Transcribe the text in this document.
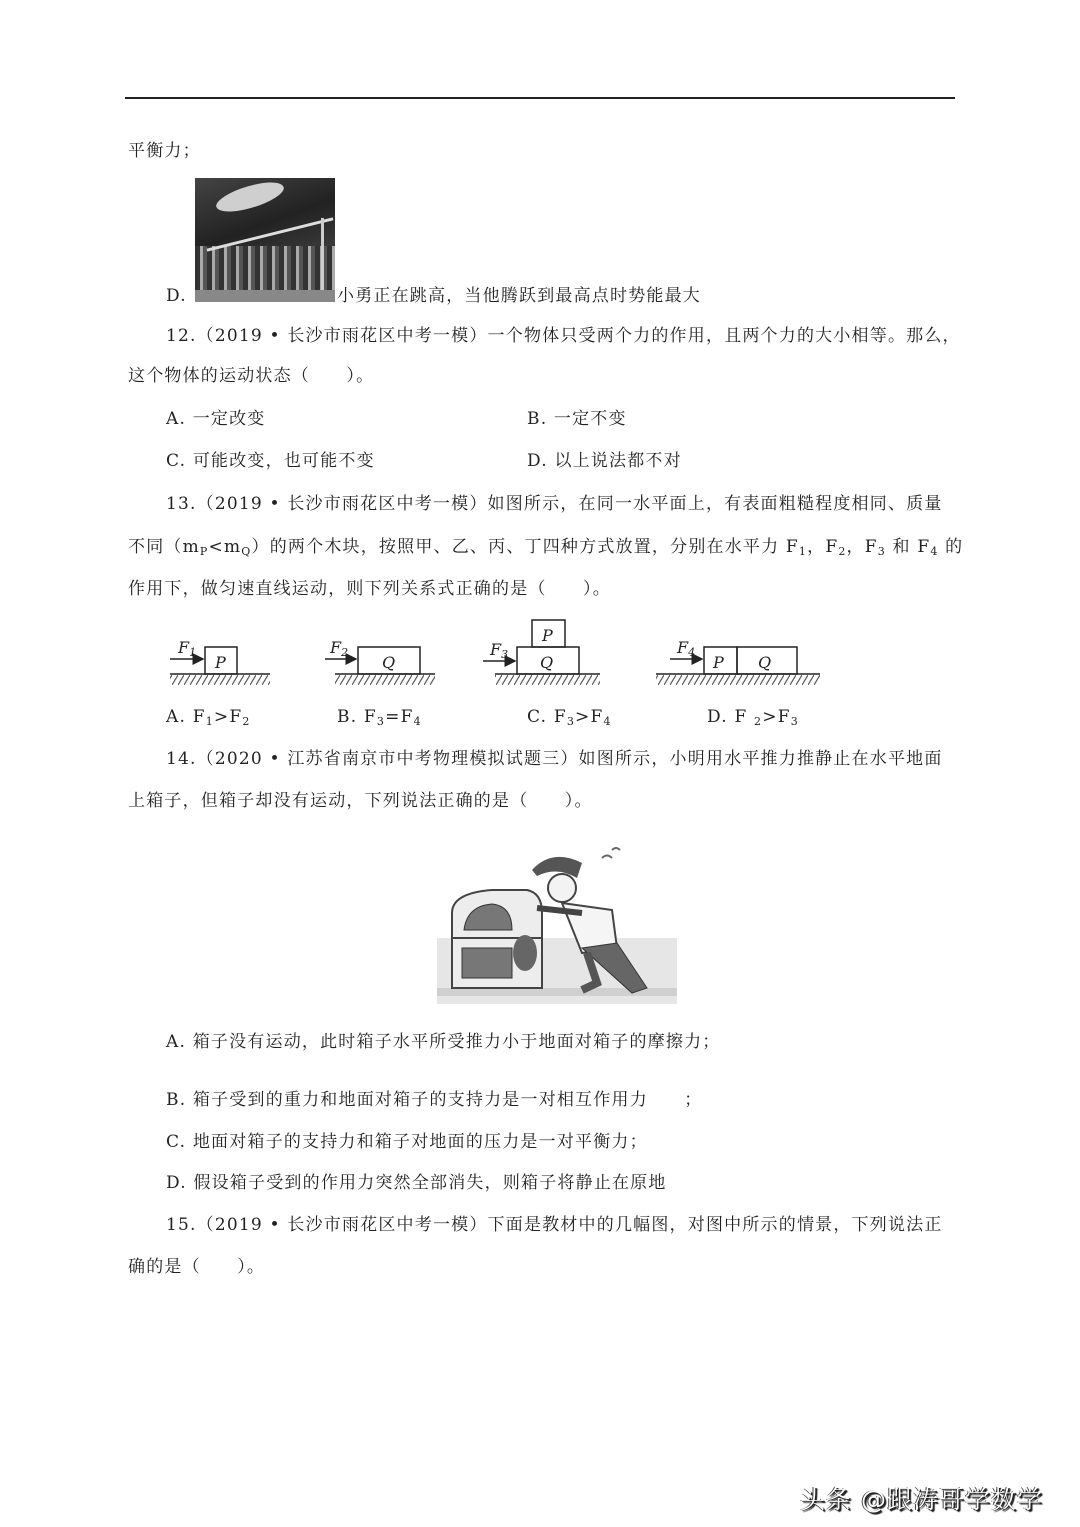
平衡力；
D.	小勇正在跳高，当他腾跃到最高点时势能最大
12.（2019 • 长沙市雨花区中考一模）一个物体只受两个力的作用，且两个力的大小相等。那么，
这个物体的运动状态（　　）。
A. 一定改变	B. 一定不变
C. 可能改变，也可能不变	D. 以上说法都不对
13.（2019 • 长沙市雨花区中考一模）如图所示，在同一水平面上，有表面粗糙程度相同、质量
不同$(m_P<m_Q)$的两个木块，按照甲、乙、丙、丁四种方式放置，分别在水平力 $F_1$，$F_2$，$F_3$ 和 $F_4$ 的
作用下，做匀速直线运动，则下列关系式正确的是（　　）。
F1
P
F2
Q
F3
P
Q
F4
P Q
A. $F_1>F_2$	B. $F_3=F_4$	C. $F_3>F_4$	D. F $_2>F_3$
14.（2020 • 江苏省南京市中考物理模拟试题三）如图所示，小明用水平推力推静止在水平地面
上箱子，但箱子却没有运动，下列说法正确的是（　　）。
A. 箱子没有运动，此时箱子水平所受推力小于地面对箱子的摩擦力；
B. 箱子受到的重力和地面对箱子的支持力是一对相互作用力　　；
C. 地面对箱子的支持力和箱子对地面的压力是一对平衡力；
D. 假设箱子受到的作用力突然全部消失，则箱子将静止在原地
15.（2019 • 长沙市雨花区中考一模）下面是教材中的几幅图，对图中所示的情景，下列说法正
确的是（　　）。
头条 @跟涛哥学数学
